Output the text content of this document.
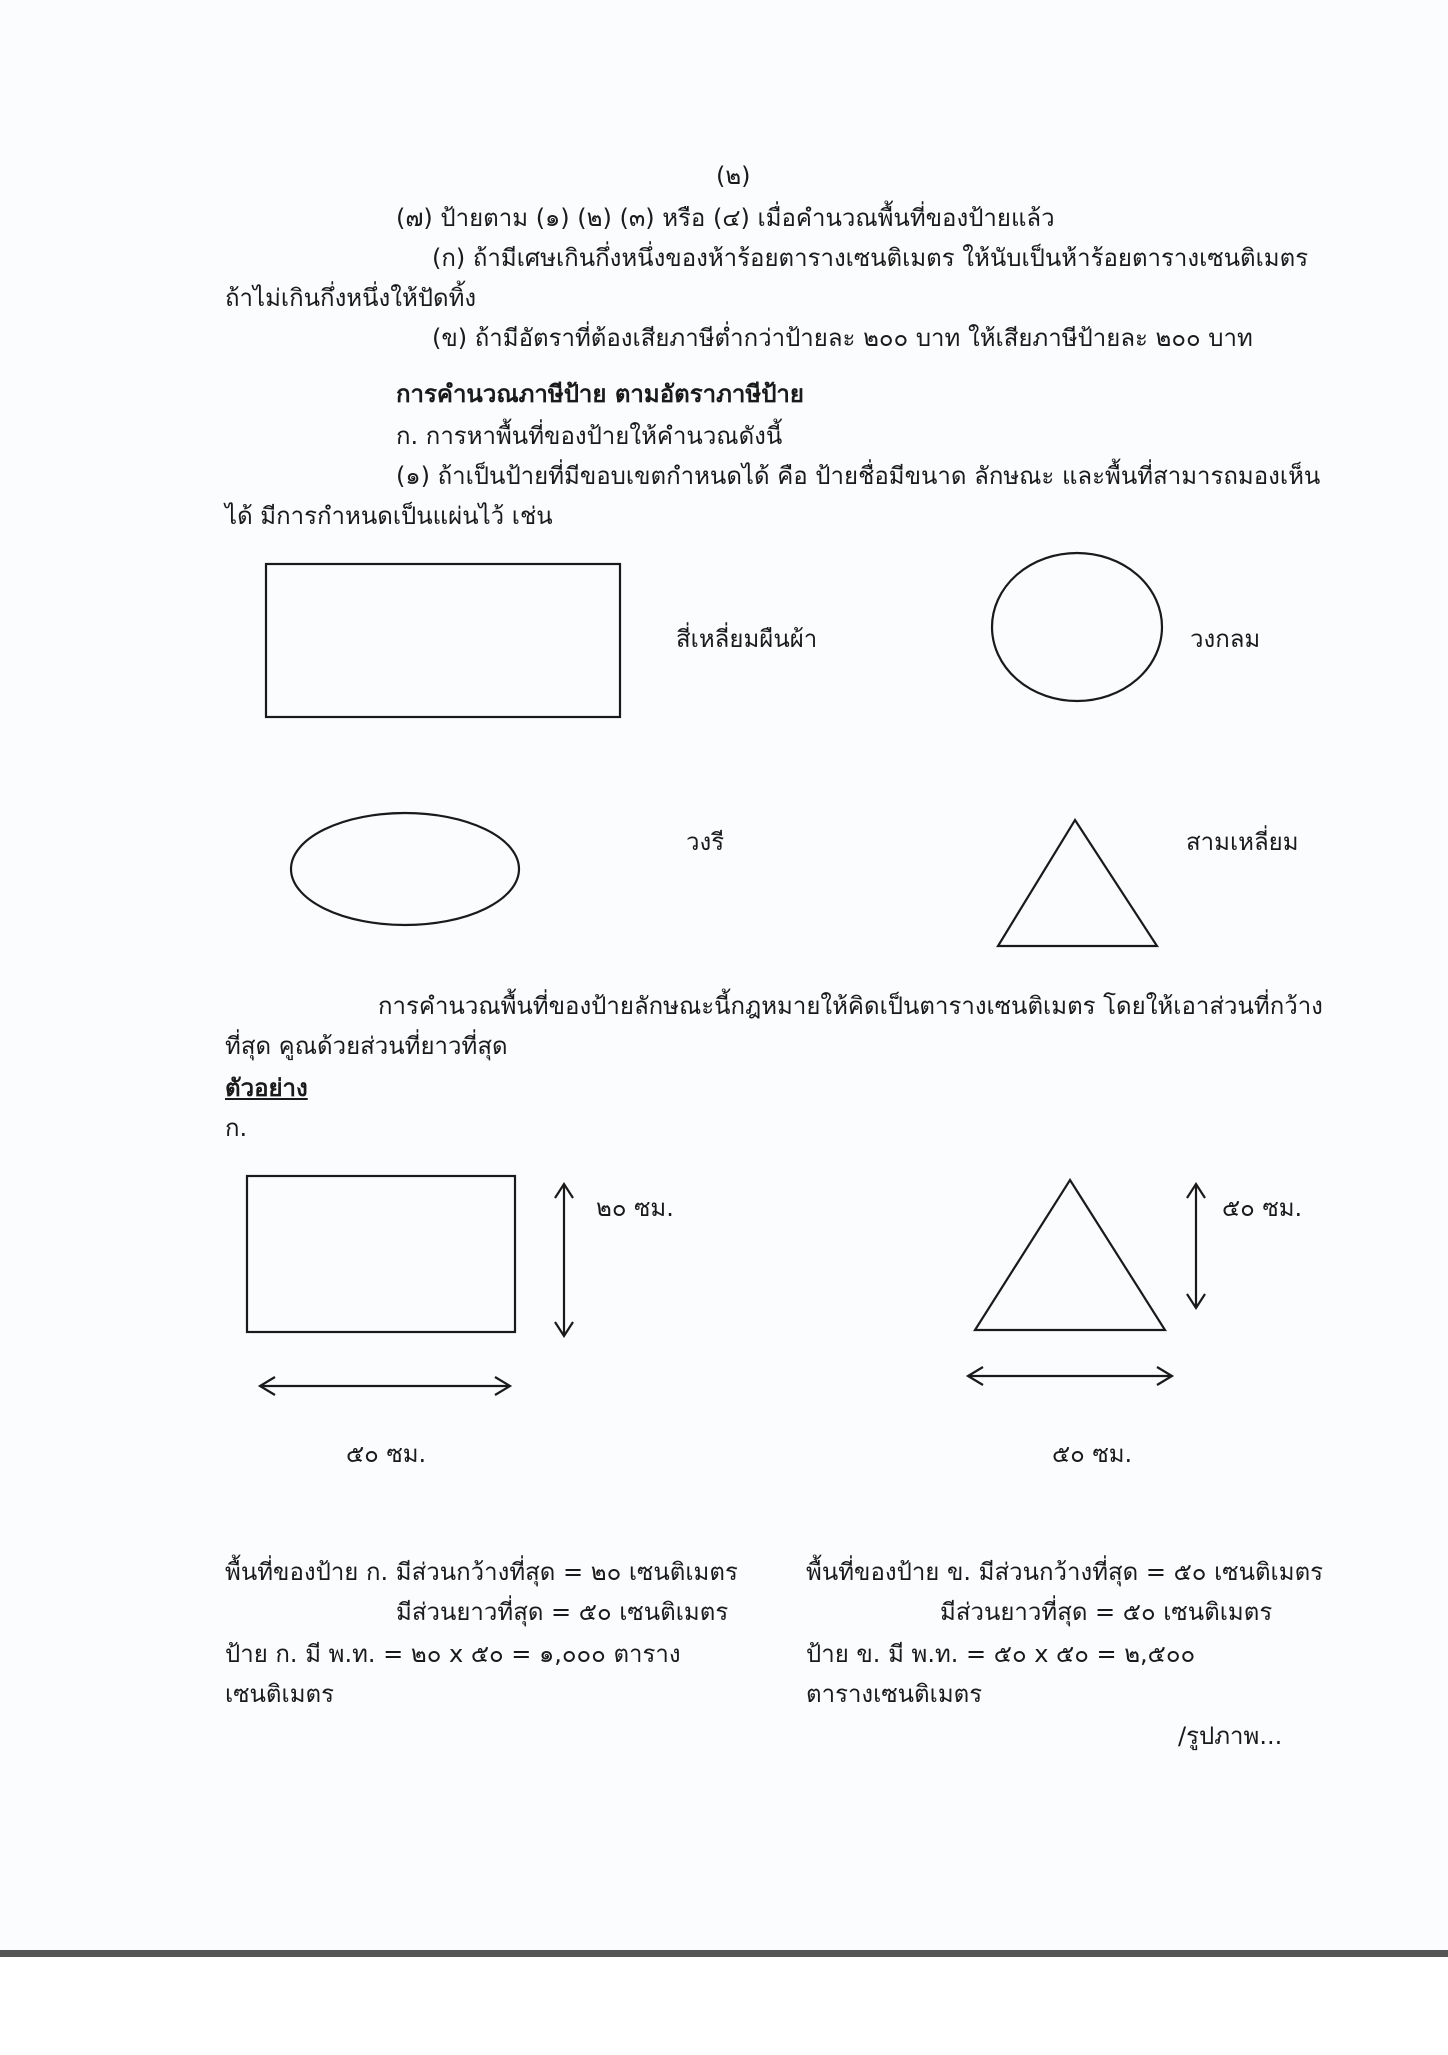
(๒)
(๗) ป้ายตาม (๑) (๒) (๓) หรือ (๔) เมื่อคำนวณพื้นที่ของป้ายแล้ว
(ก) ถ้ามีเศษเกินกึ่งหนึ่งของห้าร้อยตารางเซนติเมตร ให้นับเป็นห้าร้อยตารางเซนติเมตร
ถ้าไม่เกินกึ่งหนึ่งให้ปัดทิ้ง
(ข) ถ้ามีอัตราที่ต้องเสียภาษีต่ำกว่าป้ายละ ๒๐๐ บาท ให้เสียภาษีป้ายละ ๒๐๐ บาท
การคำนวณภาษีป้าย ตามอัตราภาษีป้าย
ก. การหาพื้นที่ของป้ายให้คำนวณดังนี้
(๑) ถ้าเป็นป้ายที่มีขอบเขตกำหนดได้ คือ ป้ายชื่อมีขนาด ลักษณะ และพื้นที่สามารถมองเห็น
ได้ มีการกำหนดเป็นแผ่นไว้ เช่น
สี่เหลี่ยมผืนผ้า	วงกลม
วงรี	สามเหลี่ยม
การคำนวณพื้นที่ของป้ายลักษณะนี้กฎหมายให้คิดเป็นตารางเซนติเมตร โดยให้เอาส่วนที่กว้าง
ที่สุด คูณด้วยส่วนที่ยาวที่สุด
ตัวอย่าง
ก.
๒๐ ซม.
๕๐ ซม.
๕๐ ซม.
๕๐ ซม.
พื้นที่ของป้าย ก. มีส่วนกว้างที่สุด = ๒๐ เซนติเมตร
มีส่วนยาวที่สุด = ๕๐ เซนติเมตร
ป้าย ก. มี พ.ท. = ๒๐ x ๕๐ = ๑,๐๐๐ ตาราง
เซนติเมตร
พื้นที่ของป้าย ข. มีส่วนกว้างที่สุด = ๕๐ เซนติเมตร
มีส่วนยาวที่สุด = ๕๐ เซนติเมตร
ป้าย ข. มี พ.ท. = ๕๐ x ๕๐ = ๒,๕๐๐
ตารางเซนติเมตร
/รูปภาพ...
